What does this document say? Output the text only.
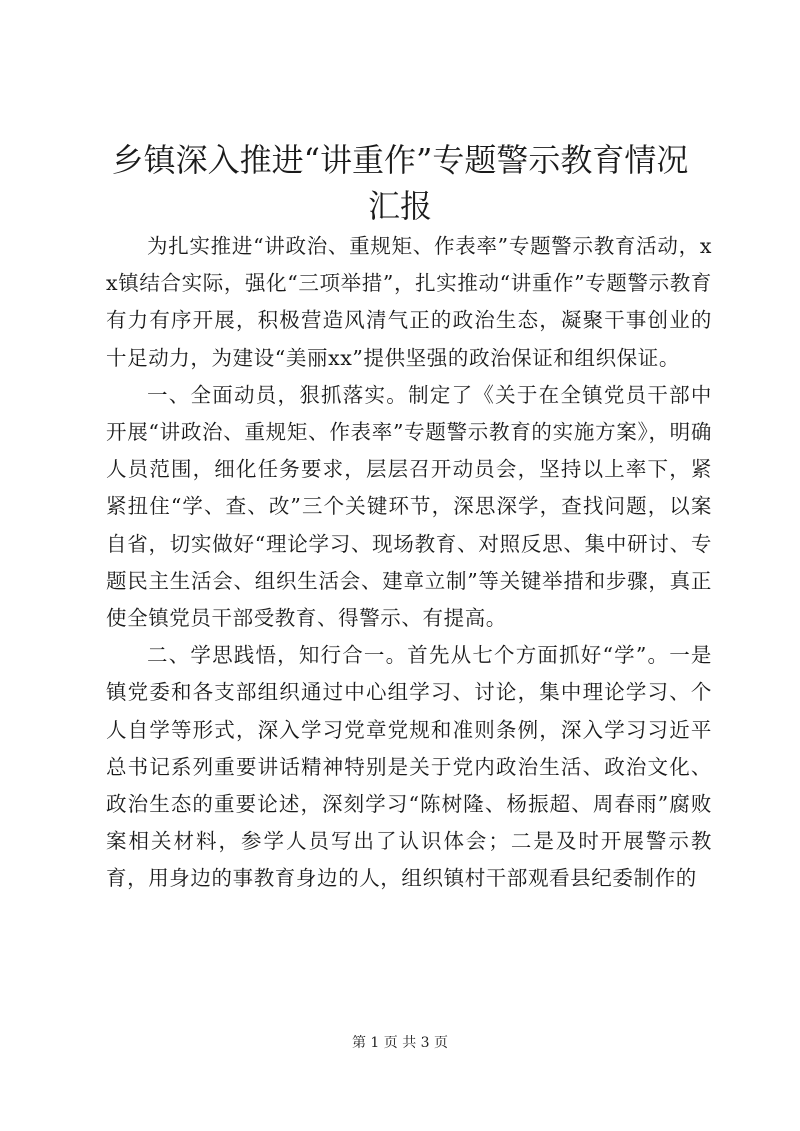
乡镇深入推进“讲重作”专题警示教育情况汇报

为扎实推进“讲政治、重规矩、作表率”专题警示教育活动，xx镇结合实际，强化“三项举措”，扎实推动“讲重作”专题警示教育有力有序开展，积极营造风清气正的政治生态，凝聚干事创业的十足动力，为建设“美丽xx”提供坚强的政治保证和组织保证。

一、全面动员，狠抓落实。制定了《关于在全镇党员干部中开展“讲政治、重规矩、作表率”专题警示教育的实施方案》，明确人员范围，细化任务要求，层层召开动员会，坚持以上率下，紧紧扭住“学、查、改”三个关键环节，深思深学，查找问题，以案自省，切实做好“理论学习、现场教育、对照反思、集中研讨、专题民主生活会、组织生活会、建章立制”等关键举措和步骤，真正使全镇党员干部受教育、得警示、有提高。

二、学思践悟，知行合一。首先从七个方面抓好“学”。一是镇党委和各支部组织通过中心组学习、讨论，集中理论学习、个人自学等形式，深入学习党章党规和准则条例，深入学习习近平总书记系列重要讲话精神特别是关于党内政治生活、政治文化、政治生态的重要论述，深刻学习“陈树隆、杨振超、周春雨”腐败案相关材料，参学人员写出了认识体会；二是及时开展警示教育，用身边的事教育身边的人，组织镇村干部观看县纪委制作的

第 1 页 共 3 页
